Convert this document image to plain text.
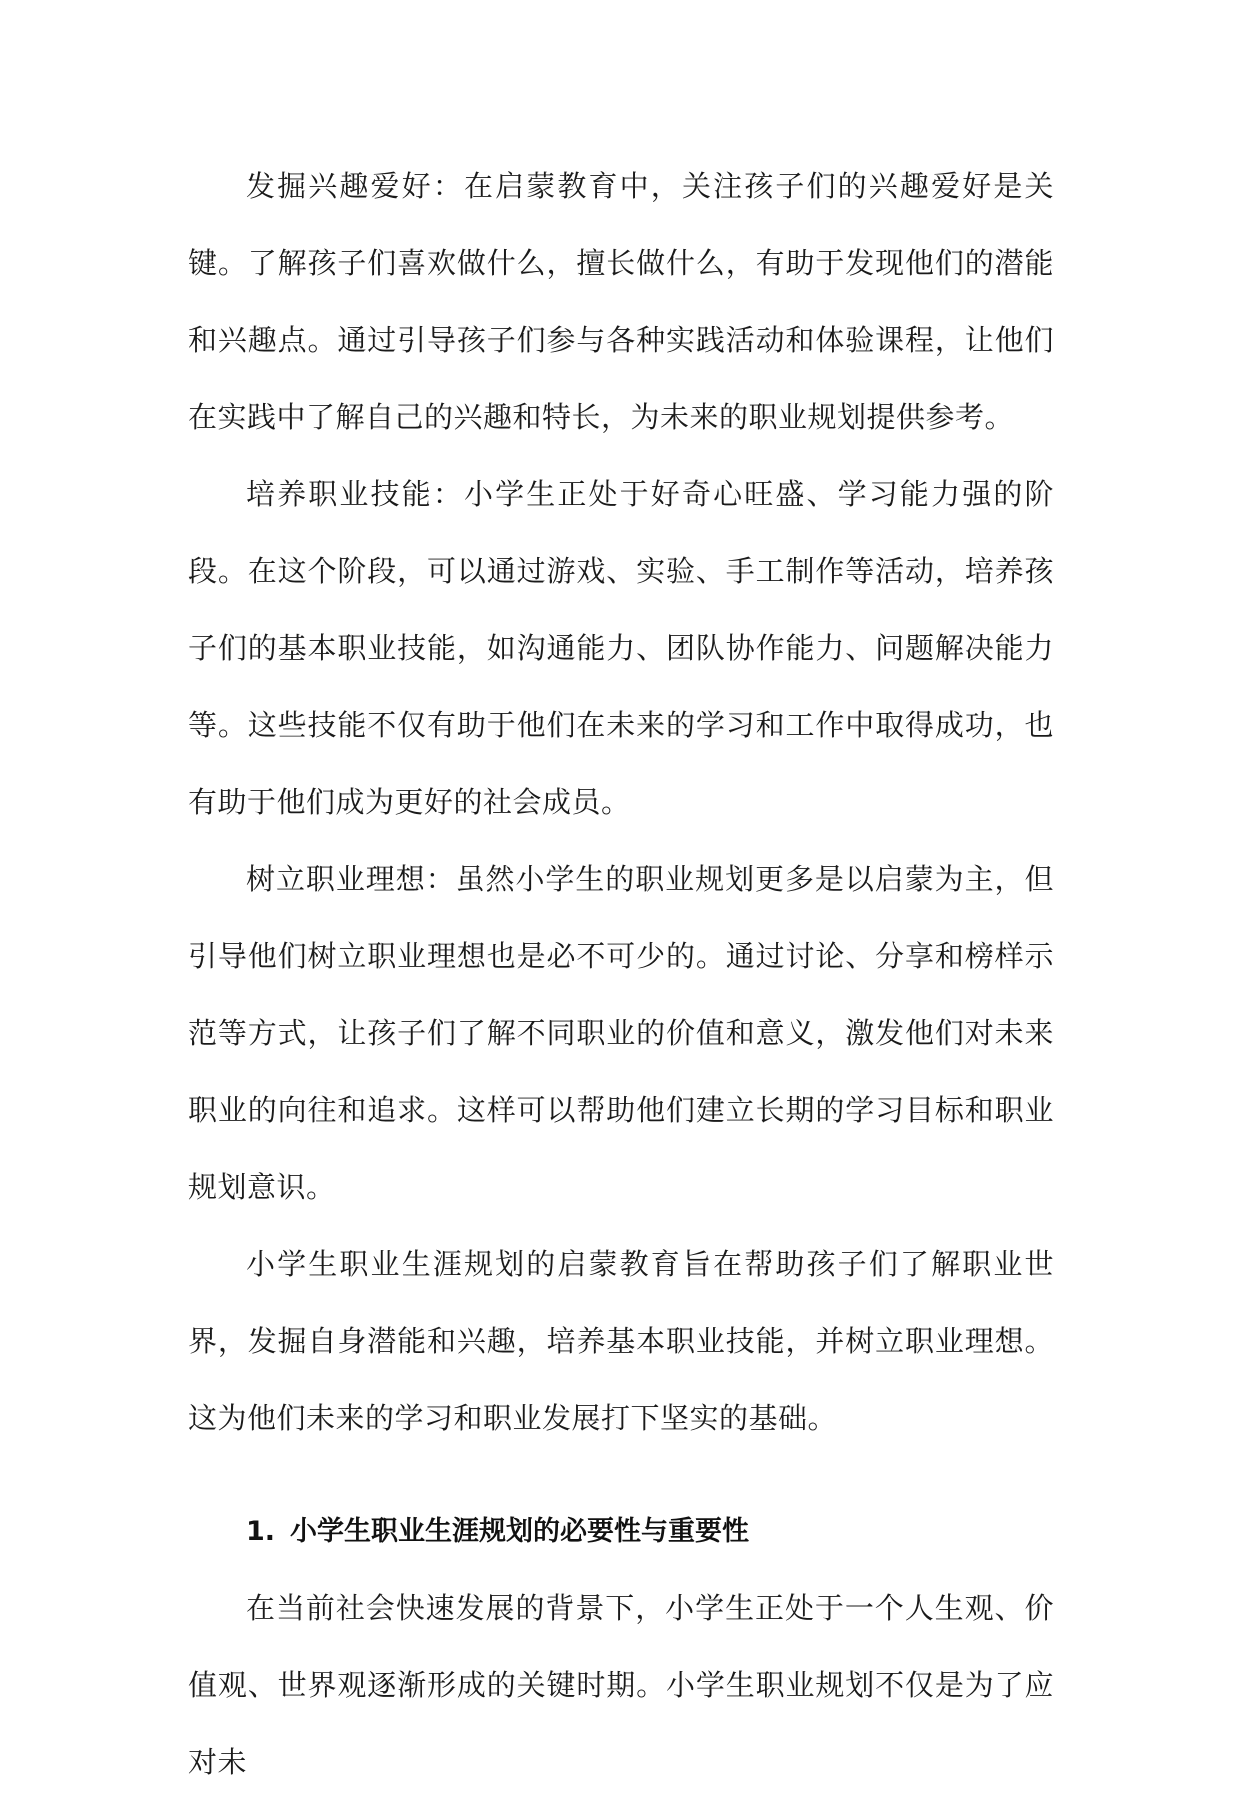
发掘兴趣爱好：在启蒙教育中，关注孩子们的兴趣爱好是关键。了解孩子们喜欢做什么，擅长做什么，有助于发现他们的潜能和兴趣点。通过引导孩子们参与各种实践活动和体验课程，让他们在实践中了解自己的兴趣和特长，为未来的职业规划提供参考。

培养职业技能：小学生正处于好奇心旺盛、学习能力强的阶段。在这个阶段，可以通过游戏、实验、手工制作等活动，培养孩子们的基本职业技能，如沟通能力、团队协作能力、问题解决能力等。这些技能不仅有助于他们在未来的学习和工作中取得成功，也有助于他们成为更好的社会成员。

树立职业理想：虽然小学生的职业规划更多是以启蒙为主，但引导他们树立职业理想也是必不可少的。通过讨论、分享和榜样示范等方式，让孩子们了解不同职业的价值和意义，激发他们对未来职业的向往和追求。这样可以帮助他们建立长期的学习目标和职业规划意识。

小学生职业生涯规划的启蒙教育旨在帮助孩子们了解职业世界，发掘自身潜能和兴趣，培养基本职业技能，并树立职业理想。这为他们未来的学习和职业发展打下坚实的基础。

1. 小学生职业生涯规划的必要性与重要性

在当前社会快速发展的背景下，小学生正处于一个人生观、价值观、世界观逐渐形成的关键时期。小学生职业规划不仅是为了应对未
